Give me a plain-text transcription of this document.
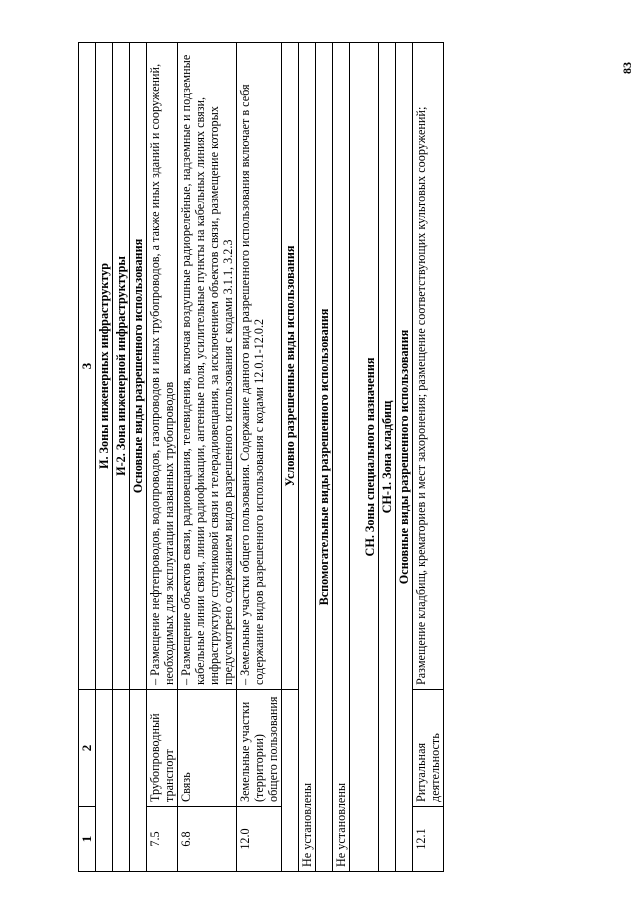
83
1	2	3
		И. Зоны инженерных инфраструктур
		И-2. Зона инженерной инфраструктуры
		Основные виды разрешенного использования
7.5	Трубопроводный транспорт	– Размещение нефтепроводов, водопроводов, газопроводов и иных трубопроводов, а также иных зданий и сооружений, необходимых для эксплуатации названных трубопроводов
6.8	Связь	– Размещение объектов связи, радиовещания, телевидения, включая воздушные радиорелейные, надземные и подземные кабельные линии связи, линии радиофикации, антенные поля, усилительные пункты на кабельных линиях связи, инфраструктуру спутниковой связи и телерадиовещания, за исключением объектов связи, размещение которых предусмотрено содержанием видов разрешенного использования с кодами 3.1.1, 3.2.3
12.0	Земельные участки (территории) общего пользования	– Земельные участки общего пользования. Содержание данного вида разрешенного использования включает в себя содержание видов разрешенного использования с кодами 12.0.1-12.0.2
		Условно разрешенные виды использования
Не установлены		
Вспомогательные виды разрешенного использования		
Не установлены		
СН. Зоны специального назначения		
СН-1. Зона кладбищ		
Основные виды разрешенного использования		
12.1	Ритуальная деятельность	Размещение кладбищ, крематориев и мест захоронения; размещение соответствующих культовых сооружений;
